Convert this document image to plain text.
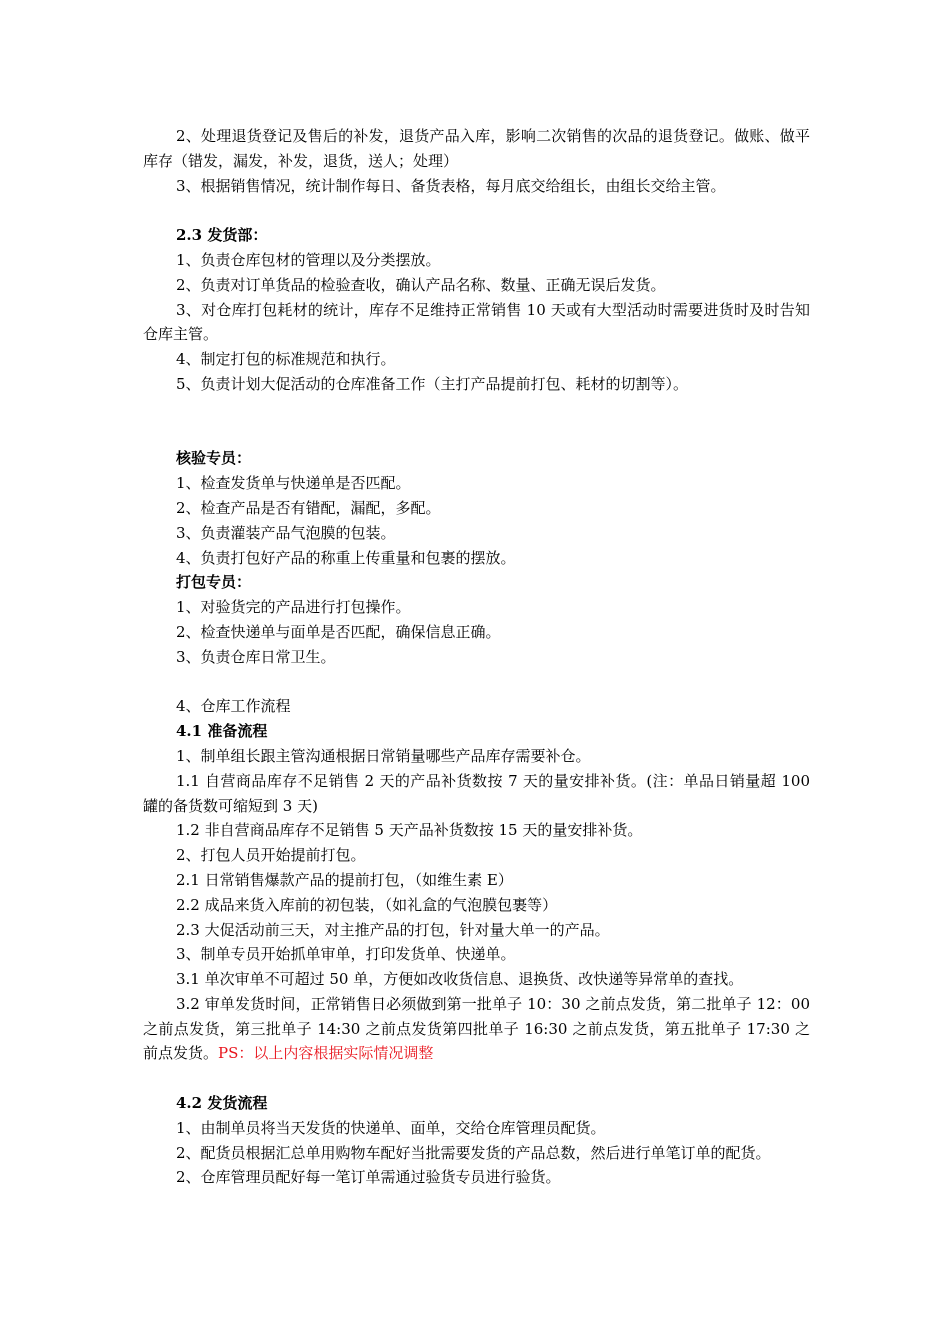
2、处理退货登记及售后的补发，退货产品入库，影响二次销售的次品的退货登记。做账、做平库存（错发，漏发，补发，退货，送人；处理）

3、根据销售情况，统计制作每日、备货表格，每月底交给组长，由组长交给主管。

2.3 发货部：

1、负责仓库包材的管理以及分类摆放。

2、负责对订单货品的检验查收，确认产品名称、数量、正确无误后发货。

3、对仓库打包耗材的统计，库存不足维持正常销售 10 天或有大型活动时需要进货时及时告知仓库主管。

4、制定打包的标准规范和执行。

5、负责计划大促活动的仓库准备工作（主打产品提前打包、耗材的切割等）。

核验专员：

1、检查发货单与快递单是否匹配。

2、检查产品是否有错配，漏配，多配。

3、负责灌装产品气泡膜的包装。

4、负责打包好产品的称重上传重量和包裹的摆放。

打包专员：

1、对验货完的产品进行打包操作。

2、检查快递单与面单是否匹配，确保信息正确。

3、负责仓库日常卫生。

4、仓库工作流程

4.1 准备流程

1、制单组长跟主管沟通根据日常销量哪些产品库存需要补仓。

1.1 自营商品库存不足销售 2 天的产品补货数按 7 天的量安排补货。(注：单品日销量超 100 罐的备货数可缩短到 3 天)

1.2 非自营商品库存不足销售 5 天产品补货数按 15 天的量安排补货。

2、打包人员开始提前打包。

2.1 日常销售爆款产品的提前打包，（如维生素 E）

2.2 成品来货入库前的初包装，（如礼盒的气泡膜包裹等）

2.3 大促活动前三天，对主推产品的打包，针对量大单一的产品。

3、制单专员开始抓单审单，打印发货单、快递单。

3.1 单次审单不可超过 50 单，方便如改收货信息、退换货、改快递等异常单的查找。

3.2 审单发货时间，正常销售日必须做到第一批单子 10：30 之前点发货，第二批单子 12：00 之前点发货，第三批单子 14:30 之前点发货第四批单子 16:30 之前点发货，第五批单子 17:30 之前点发货。PS：以上内容根据实际情况调整

4.2 发货流程

1、由制单员将当天发货的快递单、面单，交给仓库管理员配货。

2、配货员根据汇总单用购物车配好当批需要发货的产品总数，然后进行单笔订单的配货。

2、仓库管理员配好每一笔订单需通过验货专员进行验货。
